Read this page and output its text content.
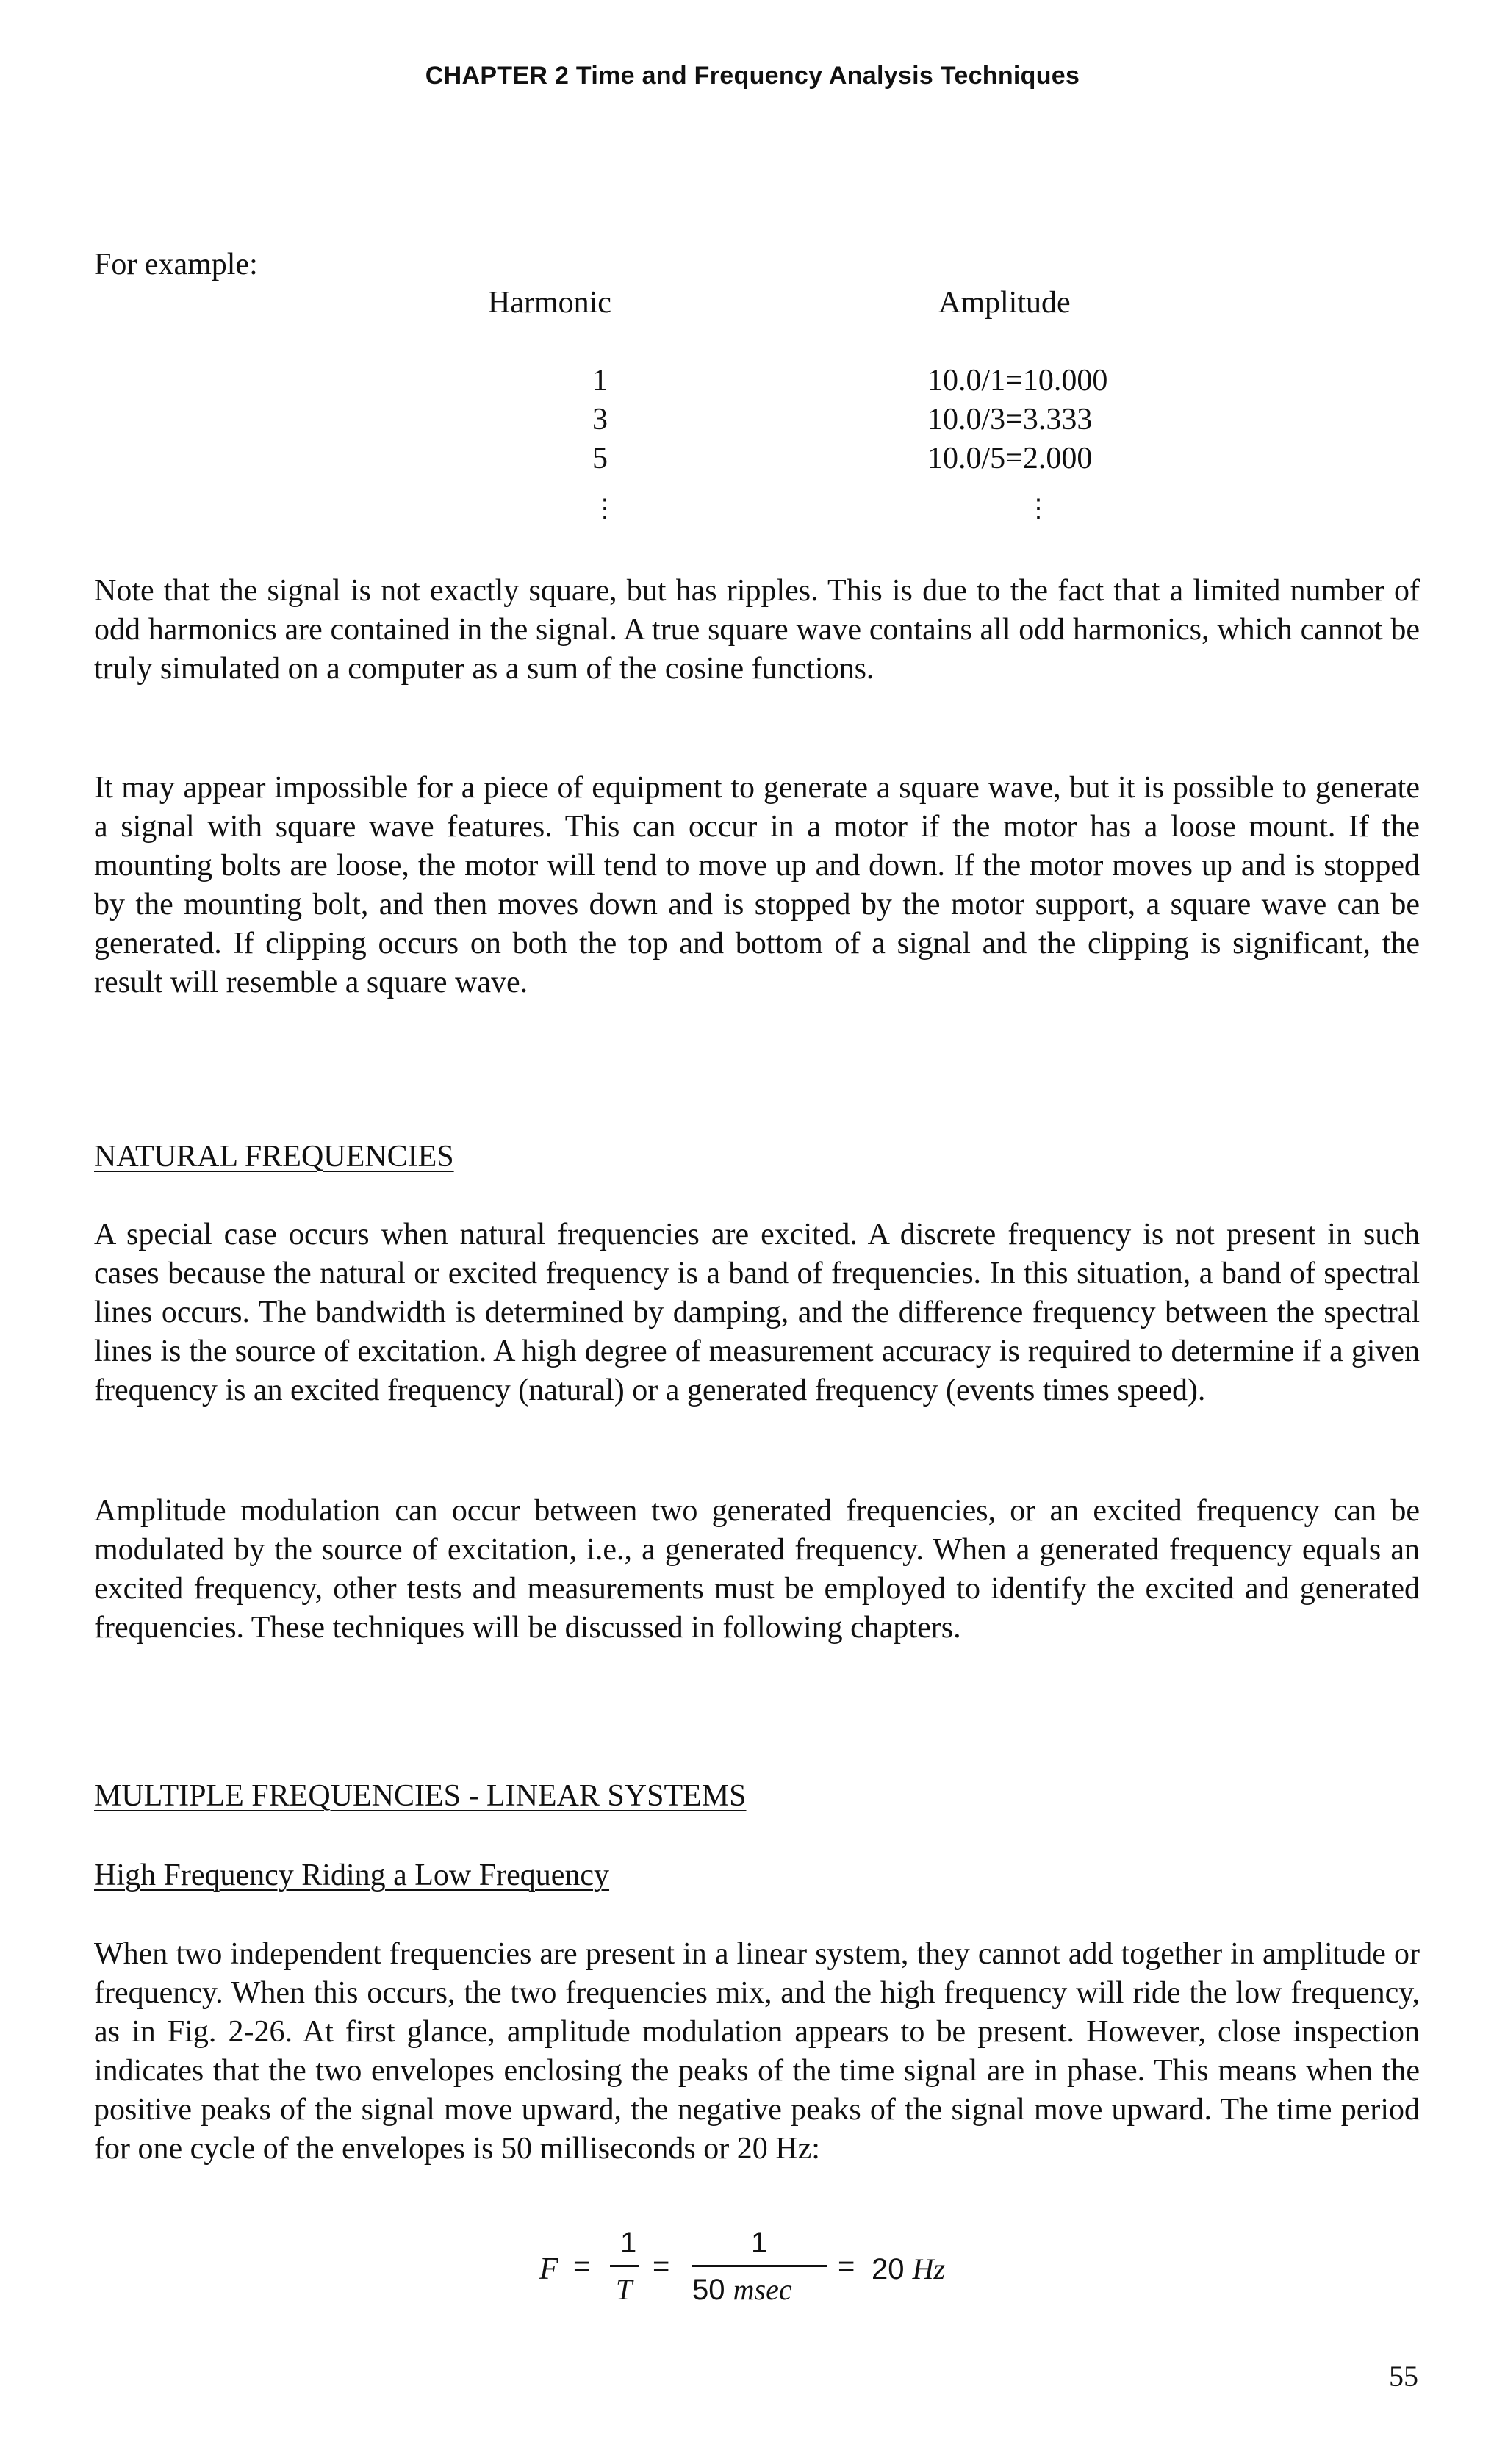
CHAPTER 2 Time and Frequency Analysis Techniques
For example:
Harmonic	Amplitude
1	10.0/1=10.000
3	10.0/3=3.333
5	10.0/5=2.000
⋮	⋮
Note that the signal is not exactly square, but has ripples. This is due to the fact that a limited number of odd harmonics are contained in the signal. A true square wave contains all odd harmonics, which cannot be truly simulated on a computer as a sum of the cosine functions.
It may appear impossible for a piece of equipment to generate a square wave, but it is possible to generate a signal with square wave features. This can occur in a motor if the motor has a loose mount. If the mounting bolts are loose, the motor will tend to move up and down. If the motor moves up and is stopped by the mounting bolt, and then moves down and is stopped by the motor support, a square wave can be generated. If clipping occurs on both the top and bottom of a signal and the clipping is significant, the result will resemble a square wave.
NATURAL FREQUENCIES
A special case occurs when natural frequencies are excited. A discrete frequency is not present in such cases because the natural or excited frequency is a band of frequencies. In this situation, a band of spectral lines occurs. The bandwidth is determined by damping, and the difference frequency between the spectral lines is the source of excitation. A high degree of measurement accuracy is required to determine if a given frequency is an excited frequency (natural) or a generated frequency (events times speed).
Amplitude modulation can occur between two generated frequencies, or an excited frequency can be modulated by the source of excitation, i.e., a generated frequency. When a generated frequency equals an excited frequency, other tests and measurements must be employed to identify the excited and generated frequencies. These techniques will be discussed in following chapters.
MULTIPLE FREQUENCIES - LINEAR SYSTEMS
High Frequency Riding a Low Frequency
When two independent frequencies are present in a linear system, they cannot add together in amplitude or frequency. When this occurs, the two frequencies mix, and the high frequency will ride the low frequency, as in Fig. 2-26. At first glance, amplitude modulation appears to be present. However, close inspection indicates that the two envelopes enclosing the peaks of the time signal are in phase. This means when the positive peaks of the signal move upward, the negative peaks of the signal move upward. The time period for one cycle of the envelopes is 50 milliseconds or 20 Hz:
F =
1
T
=
1
50 msec
= 20 Hz
55
